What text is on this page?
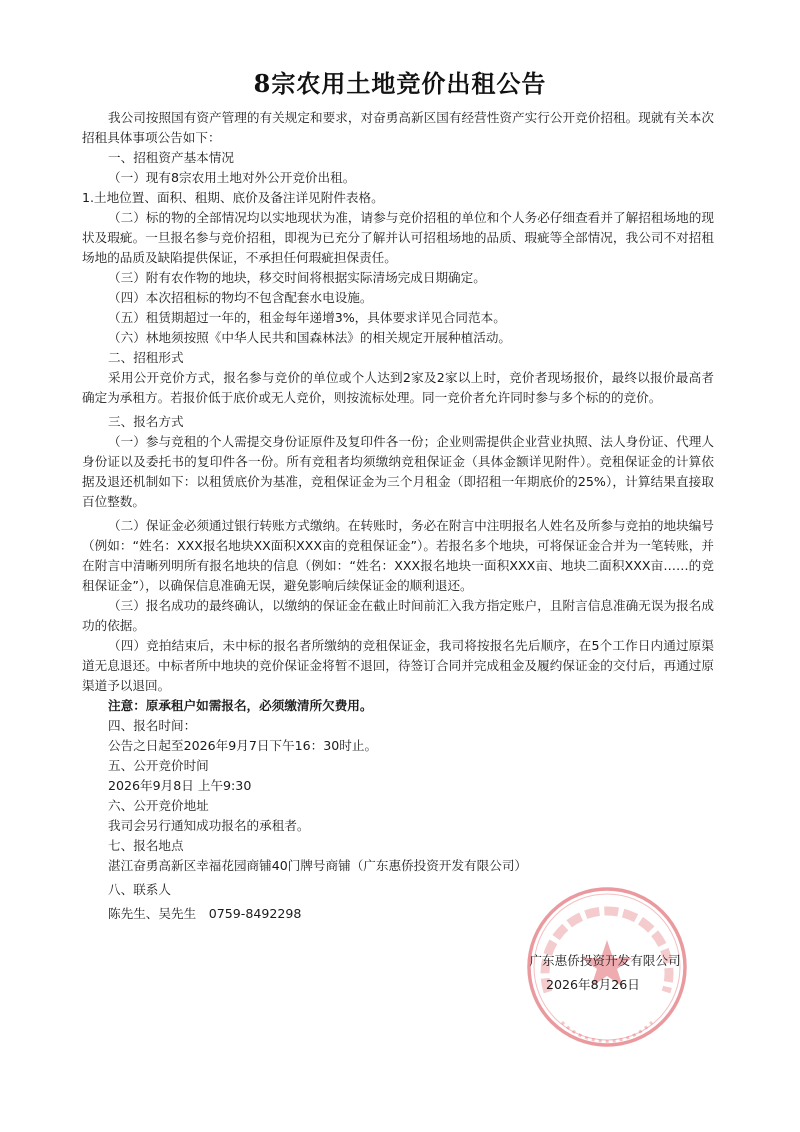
8宗农用土地竞价出租公告

我公司按照国有资产管理的有关规定和要求，对奋勇高新区国有经营性资产实行公开竞价招租。现就有关本次招租具体事项公告如下：

一、招租资产基本情况

（一）现有8宗农用土地对外公开竞价出租。

1.土地位置、面积、租期、底价及备注详见附件表格。

（二）标的物的全部情况均以实地现状为准，请参与竞价招租的单位和个人务必仔细查看并了解招租场地的现状及瑕疵。一旦报名参与竞价招租，即视为已充分了解并认可招租场地的品质、瑕疵等全部情况，我公司不对招租场地的品质及缺陷提供保证，不承担任何瑕疵担保责任。

（三）附有农作物的地块，移交时间将根据实际清场完成日期确定。

（四）本次招租标的物均不包含配套水电设施。

（五）租赁期超过一年的，租金每年递增3%，具体要求详见合同范本。

（六）林地须按照《中华人民共和国森林法》的相关规定开展种植活动。

二、招租形式

采用公开竞价方式，报名参与竞价的单位或个人达到2家及2家以上时，竞价者现场报价，最终以报价最高者确定为承租方。若报价低于底价或无人竞价，则按流标处理。同一竞价者允许同时参与多个标的的竞价。

三、报名方式

（一）参与竞租的个人需提交身份证原件及复印件各一份；企业则需提供企业营业执照、法人身份证、代理人身份证以及委托书的复印件各一份。所有竞租者均须缴纳竞租保证金（具体金额详见附件）。竞租保证金的计算依据及退还机制如下：以租赁底价为基准，竞租保证金为三个月租金（即招租一年期底价的25%），计算结果直接取百位整数。

（二）保证金必须通过银行转账方式缴纳。在转账时，务必在附言中注明报名人姓名及所参与竞拍的地块编号（例如：“姓名：XXX报名地块XX面积XXX亩的竞租保证金”）。若报名多个地块，可将保证金合并为一笔转账，并在附言中清晰列明所有报名地块的信息（例如：“姓名：XXX报名地块一面积XXX亩、地块二面积XXX亩……的竞租保证金”），以确保信息准确无误，避免影响后续保证金的顺利退还。

（三）报名成功的最终确认，以缴纳的保证金在截止时间前汇入我方指定账户，且附言信息准确无误为报名成功的依据。

（四）竞拍结束后，未中标的报名者所缴纳的竞租保证金，我司将按报名先后顺序，在5个工作日内通过原渠道无息退还。中标者所中地块的竞价保证金将暂不退回，待签订合同并完成租金及履约保证金的交付后，再通过原渠道予以退回。

注意：原承租户如需报名，必须缴清所欠费用。

四、报名时间：

公告之日起至2026年9月7日下午16：30时止。

五、公开竞价时间

2026年9月8日 上午9:30

六、公开竞价地址

我司会另行通知成功报名的承租者。

七、报名地点

湛江奋勇高新区幸福花园商铺40门牌号商铺（广东惠侨投资开发有限公司）

八、联系人

陈先生、吴先生　0759-8492298

广东惠侨投资开发有限公司
2026年8月26日
